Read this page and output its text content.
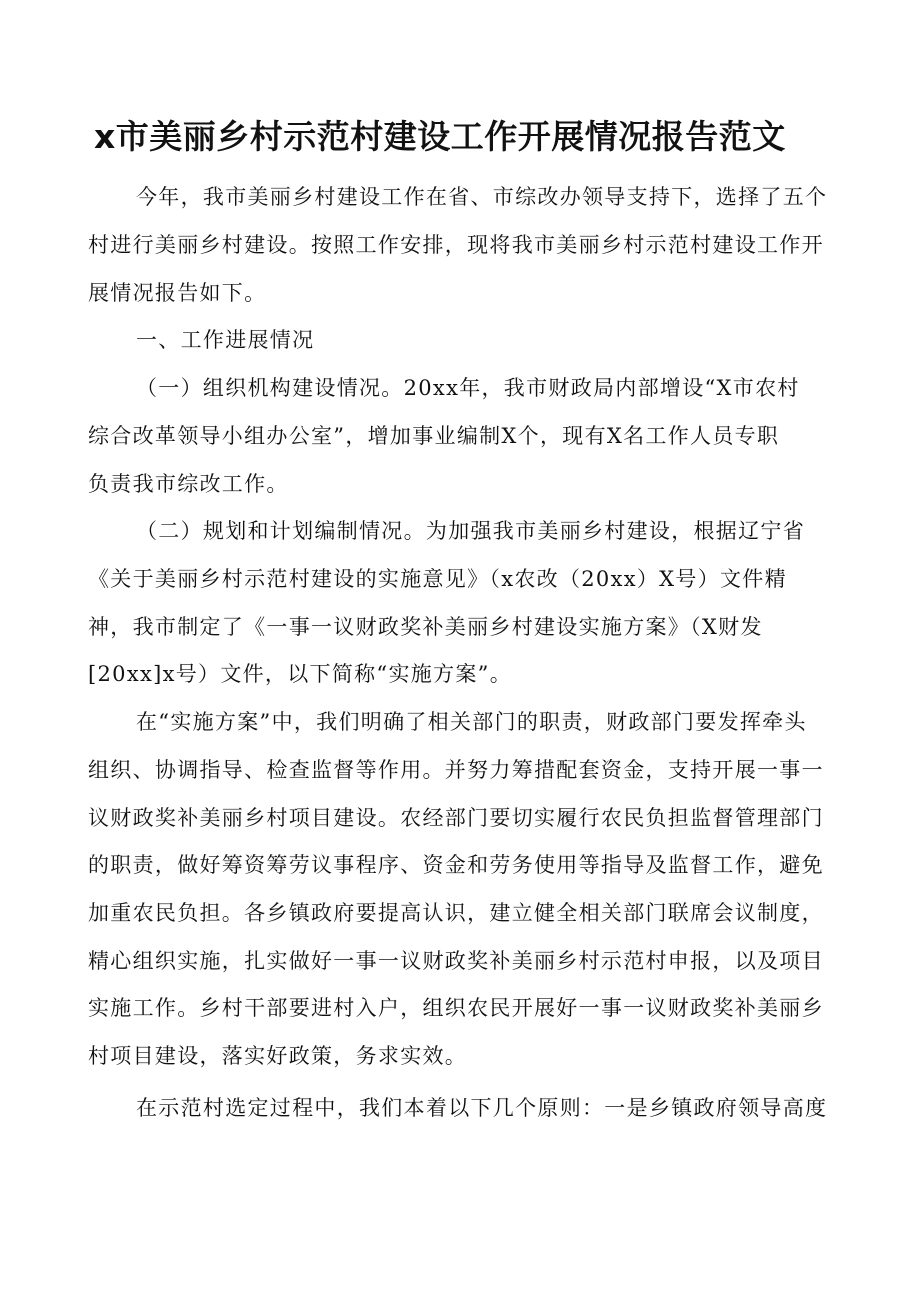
x市美丽乡村示范村建设工作开展情况报告范文
今年，我市美丽乡村建设工作在省、市综改办领导支持下，选择了五个
村进行美丽乡村建设。按照工作安排，现将我市美丽乡村示范村建设工作开
展情况报告如下。
一、工作进展情况
（一）组织机构建设情况。20xx年，我市财政局内部增设“X市农村
综合改革领导小组办公室”，增加事业编制X个，现有X名工作人员专职
负责我市综改工作。
（二）规划和计划编制情况。为加强我市美丽乡村建设，根据辽宁省
《关于美丽乡村示范村建设的实施意见》（x农改（20xx）X号）文件精
神，我市制定了《一事一议财政奖补美丽乡村建设实施方案》（X财发
[20xx]x号）文件，以下简称“实施方案”。
在“实施方案”中，我们明确了相关部门的职责，财政部门要发挥牵头
组织、协调指导、检查监督等作用。并努力筹措配套资金，支持开展一事一
议财政奖补美丽乡村项目建设。农经部门要切实履行农民负担监督管理部门
的职责，做好筹资筹劳议事程序、资金和劳务使用等指导及监督工作，避免
加重农民负担。各乡镇政府要提高认识，建立健全相关部门联席会议制度，
精心组织实施，扎实做好一事一议财政奖补美丽乡村示范村申报，以及项目
实施工作。乡村干部要进村入户，组织农民开展好一事一议财政奖补美丽乡
村项目建设，落实好政策，务求实效。
在示范村选定过程中，我们本着以下几个原则：一是乡镇政府领导高度
